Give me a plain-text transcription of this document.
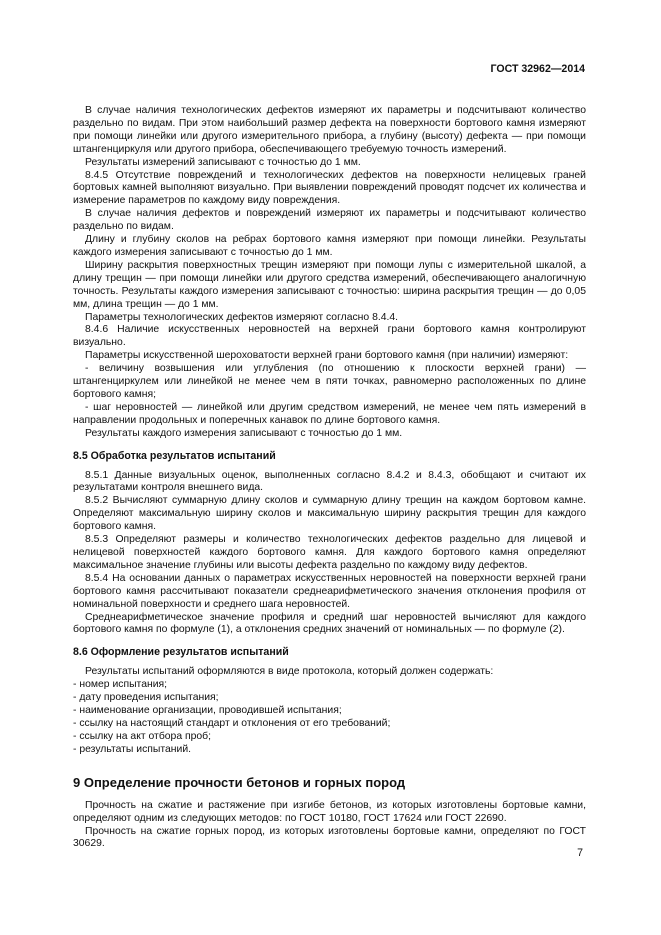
ГОСТ 32962—2014

В случае наличия технологических дефектов измеряют их параметры и подсчитывают количество раздельно по видам. При этом наибольший размер дефекта на поверхности бортового камня измеряют при помощи линейки или другого измерительного прибора, а глубину (высоту) дефекта — при помощи штангенциркуля или другого прибора, обеспечивающего требуемую точность измерений.

Результаты измерений записывают с точностью до 1 мм.

8.4.5 Отсутствие повреждений и технологических дефектов на поверхности нелицевых граней бортовых камней выполняют визуально. При выявлении повреждений проводят подсчет их количества и измерение параметров по каждому виду повреждения.

В случае наличия дефектов и повреждений измеряют их параметры и подсчитывают количество раздельно по видам.

Длину и глубину сколов на ребрах бортового камня измеряют при помощи линейки. Результаты каждого измерения записывают с точностью до 1 мм.

Ширину раскрытия поверхностных трещин измеряют при помощи лупы с измерительной шкалой, а длину трещин — при помощи линейки или другого средства измерений, обеспечивающего аналогичную точность. Результаты каждого измерения записывают с точностью: ширина раскрытия трещин — до 0,05 мм, длина трещин — до 1 мм.

Параметры технологических дефектов измеряют согласно 8.4.4.

8.4.6 Наличие искусственных неровностей на верхней грани бортового камня контролируют визуально.

Параметры искусственной шероховатости верхней грани бортового камня (при наличии) измеряют:

- величину возвышения или углубления (по отношению к плоскости верхней грани) — штангенциркулем или линейкой не менее чем в пяти точках, равномерно расположенных по длине бортового камня;

- шаг неровностей — линейкой или другим средством измерений, не менее чем пять измерений в направлении продольных и поперечных канавок по длине бортового камня.

Результаты каждого измерения записывают с точностью до 1 мм.

8.5 Обработка результатов испытаний

8.5.1 Данные визуальных оценок, выполненных согласно 8.4.2 и 8.4.3, обобщают и считают их результатами контроля внешнего вида.

8.5.2 Вычисляют суммарную длину сколов и суммарную длину трещин на каждом бортовом камне. Определяют максимальную ширину сколов и максимальную ширину раскрытия трещин для каждого бортового камня.

8.5.3 Определяют размеры и количество технологических дефектов раздельно для лицевой и нелицевой поверхностей каждого бортового камня. Для каждого бортового камня определяют максимальное значение глубины или высоты дефекта раздельно по каждому виду дефектов.

8.5.4 На основании данных о параметрах искусственных неровностей на поверхности верхней грани бортового камня рассчитывают показатели среднеарифметического значения отклонения профиля от номинальной поверхности и среднего шага неровностей.

Среднеарифметическое значение профиля и средний шаг неровностей вычисляют для каждого бортового камня по формуле (1), а отклонения средних значений от номинальных — по формуле (2).

8.6 Оформление результатов испытаний

Результаты испытаний оформляются в виде протокола, который должен содержать:

- номер испытания;

- дату проведения испытания;

- наименование организации, проводившей испытания;

- ссылку на настоящий стандарт и отклонения от его требований;

- ссылку на акт отбора проб;

- результаты испытаний.

9 Определение прочности бетонов и горных пород

Прочность на сжатие и растяжение при изгибе бетонов, из которых изготовлены бортовые камни, определяют одним из следующих методов: по ГОСТ 10180, ГОСТ 17624 или ГОСТ 22690.

Прочность на сжатие горных пород, из которых изготовлены бортовые камни, определяют по ГОСТ 30629.

7
